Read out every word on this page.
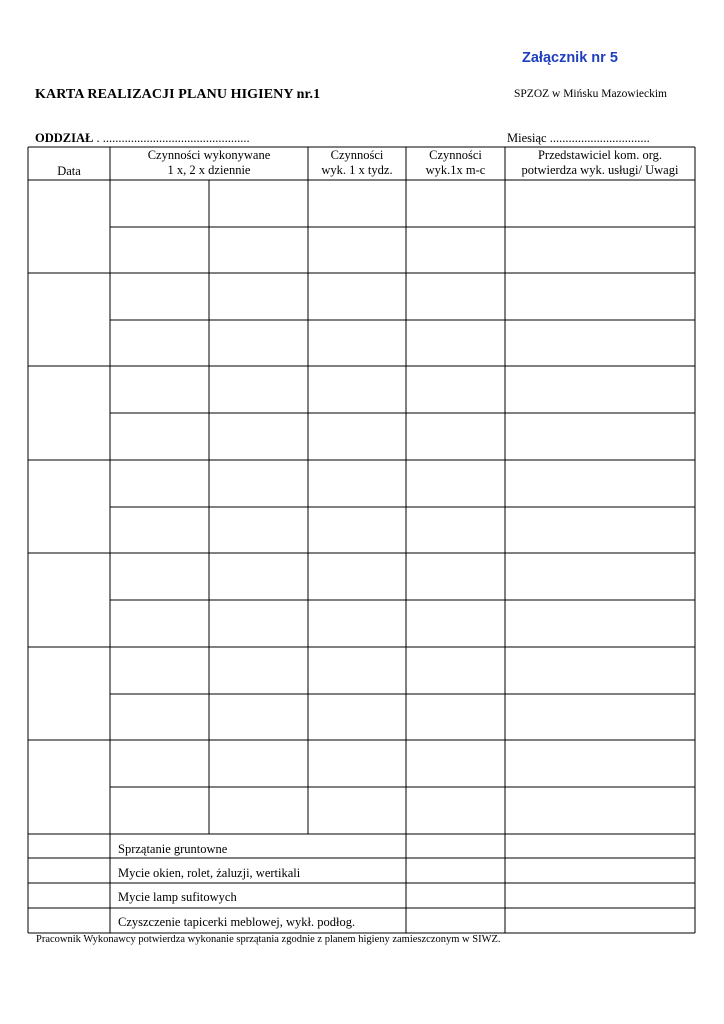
Załącznik nr 5
KARTA REALIZACJI PLANU HIGIENY nr.1	SPZOZ w Mińsku Mazowieckim
ODDZIAŁ . ...............................................	Miesiąc ................................
Data
Czynności wykonywane
1 x, 2 x dziennie
Czynności
wyk. 1 x tydz.
Czynności
wyk.1x m-c
Przedstawiciel kom. org.
potwierdza wyk. usługi/ Uwagi
Sprzątanie gruntowne
Mycie okien, rolet, żaluzji, wertikali
Mycie lamp sufitowych
Czyszczenie tapicerki meblowej, wykł. podłog.
Pracownik Wykonawcy potwierdza wykonanie sprzątania zgodnie z planem higieny zamieszczonym w SIWZ.
